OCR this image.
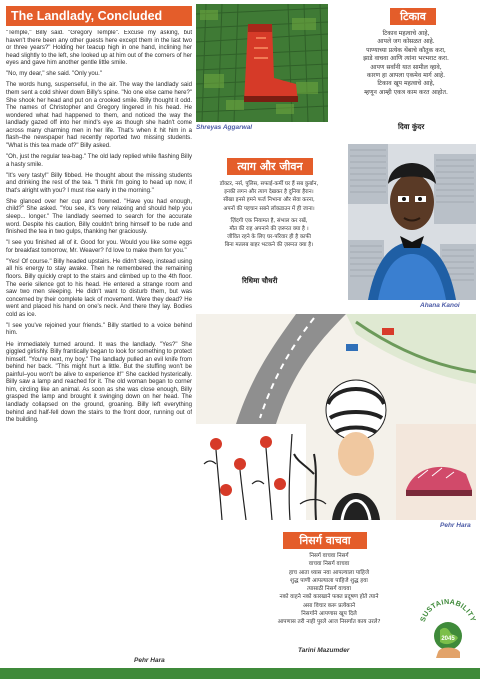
The Landlady, Concluded

"Temple," Billy said. "Gregory Temple". Excuse my asking, but haven't there been any other guests here except them in the last two or three years?" Holding her teacup high in one hand, inclining her head slightly to the left, she looked up at him out of the corners of her eyes and gave him another gentle little smile.

"No, my dear," she said. "Only you."

The words hung, suspenseful, in the air. The way the landlady said them sent a cold shiver down Billy's spine. "No one else came here?" She shook her head and put on a crooked smile. Billy thought it odd. The names of Christopher and Gregory lingered in his head. He wondered what had happened to them, and noticed the way the landlady gazed off into her mind's eye as though she hadn't come across many charming men in her life. That's when it hit him in a flash–the newspaper had recently reported two missing students. "What is this tea made of?" Billy asked.

"Oh, just the regular tea-bag." The old lady replied while flashing Billy a hasty smile.

"It's very tasty!" Billy fibbed. He thought about the missing students and drinking the rest of the tea. "I think I'm going to head up now, if that's alright with you? I must rise early in the morning."

She glanced over her cup and frowned. "Have you had enough, child?" She asked. "You see, it's very relaxing and should help you sleep... longer." The landlady seemed to search for the accurate word. Despite his caution, Billy couldn't bring himself to be rude and finished the tea in two gulps, thanking her graciously.

"I see you finished all of it. Good for you. Would you like some eggs for breakfast tomorrow, Mr. Weaver? I'd love to make them for you."

"Yes! Of course." Billy headed upstairs. He didn't sleep, instead using all his energy to stay awake. Then he remembered the remaining floors. Billy quickly crept to the stairs and climbed up to the 4th floor. The eerie silence got to his head. He entered a strange room and saw two men sleeping. He didn't want to disturb them, but was concerned by their complete lack of movement. Were they dead? He went and placed his hand on one's neck. And there they lay. Bodies cold as ice.

"I see you've rejoined your friends." Billy startled to a voice behind him.

He immediately turned around. It was the landlady. "Yes?" She giggled girlishly. Billy frantically began to look for something to protect himself. "You're next, my boy." The landlady pulled an evil knife from behind her back. "This might hurt a little. But the stuffing won't be painful–you won't be alive to experience it!" She cackled hysterically. Billy saw a lamp and reached for it. The old woman began to corner him, circling like an animal. As soon as she was close enough, Billy grasped the lamp and brought it swinging down on her head. The landlady collapsed on the ground, groaning. Billy left everything behind and half-fell down the stairs to the front door, running out of the building.

Pehr Hara
Shreyas Aggarwal
टिकाव
टिकाव महत्वाचे आहे,
आपले जग कोसळत आहे.
पाण्याच्या प्रत्येक थेंबाचे कौतुक करा,
झाडे वाचवा आणि त्यांना भरभराट करा.
आपण सर्वांनी यात सामील व्हावे,
कारण हा आपला एकमेव मार्ग आहे.
टिकाव खूप महत्वाचे आहे,
म्हणून आम्ही एकत्र काम करत आहोत.
दिवा कुंदर
त्याग और जीवन
डॉक्टर, नर्स, पुलिस, सफाई-कर्मी घर हैं सब कुर्बान,
इनकी लगन और त्याग देखकर है दुनिया हैरान।
सीखा इनसे हमने फर्ज निभाना और सेवा करना,
अपनों की पहचान सबने लॉकडाउन में ही जाना।
ज़िंदगी एक नियामत है, संभाल कर रखें,
मौत की राह अपनाने की ज़रूरत क्या है ।
जीवित रहने के लिए घर-परिवार ही है काफी
बिना मतलब बाहर भटकने की ज़रूरत क्या है।
रिधिमा चौधरी
Ahana Kanoi
Pehr Hara
निसर्ग वाचवा
निसर्ग वाचवा निसर्ग
वाचवा निसर्ग वाचवा
हाच आता ध्यास नवा आपल्याला पाहिजे
शुद्ध पाणी आपल्याला पाहिजे शुद्ध हवा
त्यासाठी निसर्ग वाचवा
नको वाहने नको कारखाने फक्त प्रदूषण होते त्याने
असा विचार करू प्रत्येकाने
निसर्गाने आपणास खूप दिले
आपणास तरी नाही पुरले आज निसर्गात काय उरले?
Tarini Mazumder
SUSTAINABILITY
2045
